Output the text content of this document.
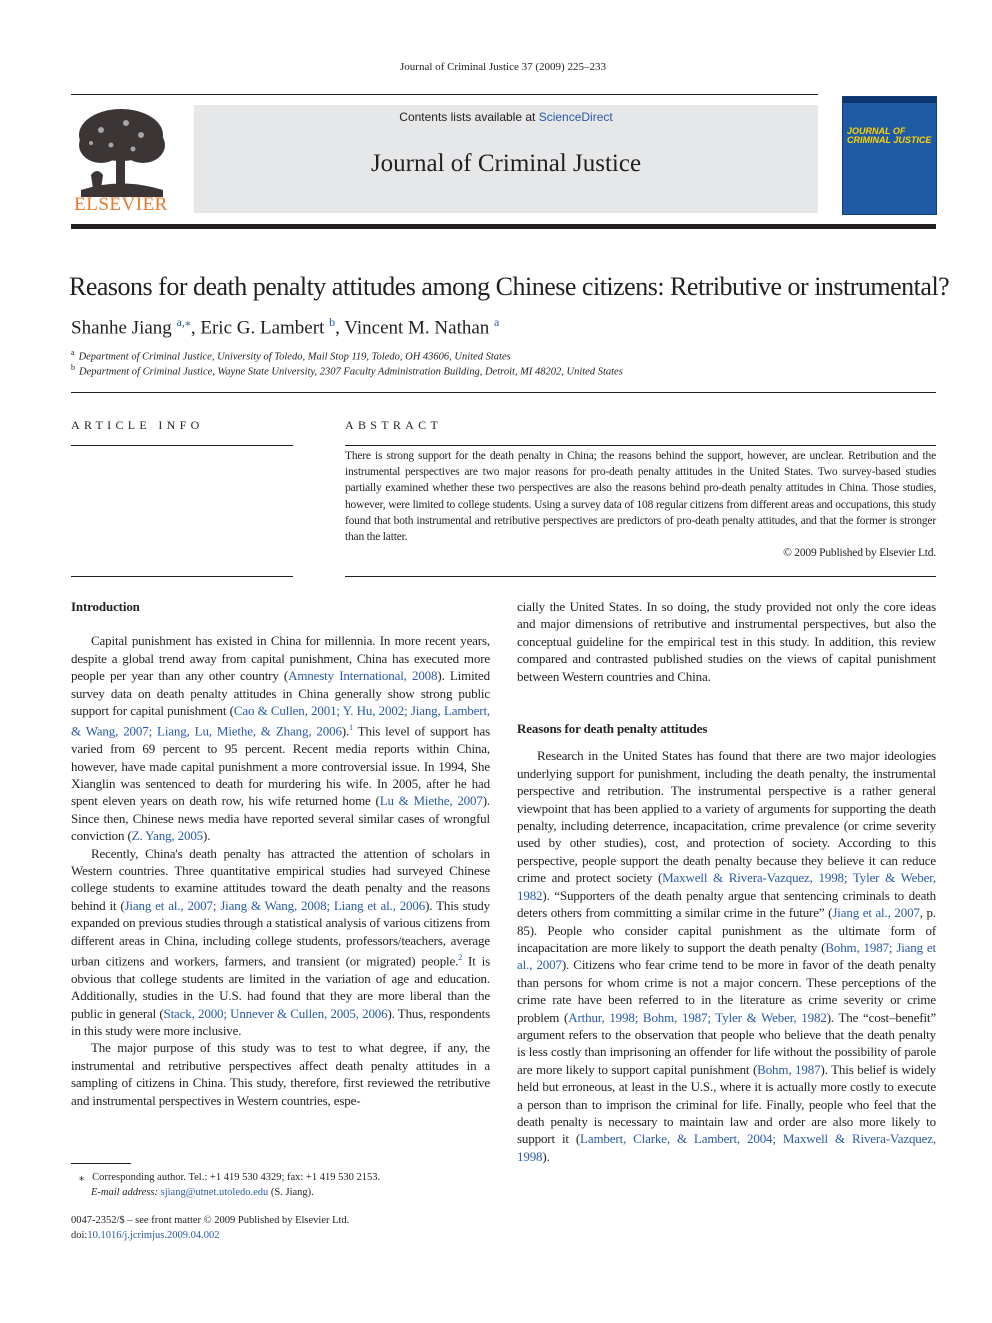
Journal of Criminal Justice 37 (2009) 225–233
ELSEVIER
Contents lists available at ScienceDirect
Journal of Criminal Justice
JOURNAL OF CRIMINAL JUSTICE
Reasons for death penalty attitudes among Chinese citizens: Retributive or instrumental?
Shanhe Jiang $^{a,⁎}$, Eric G. Lambert $^b$, Vincent M. Nathan $^a$
$^a$ Department of Criminal Justice, University of Toledo, Mail Stop 119, Toledo, OH 43606, United States
$^b$ Department of Criminal Justice, Wayne State University, 2307 Faculty Administration Building, Detroit, MI 48202, United States
ARTICLE INFO	ABSTRACT
There is strong support for the death penalty in China; the reasons behind the support, however, are unclear. Retribution and the instrumental perspectives are two major reasons for pro-death penalty attitudes in the United States. Two survey-based studies partially examined whether these two perspectives are also the reasons behind pro-death penalty attitudes in China. Those studies, however, were limited to college students. Using a survey data of 108 regular citizens from different areas and occupations, this study found that both instrumental and retributive perspectives are predictors of pro-death penalty attitudes, and that the former is stronger than the latter.
© 2009 Published by Elsevier Ltd.
Introduction

Capital punishment has existed in China for millennia. In more recent years, despite a global trend away from capital punishment, China has executed more people per year than any other country (Amnesty International, 2008). Limited survey data on death penalty attitudes in China generally show strong public support for capital punishment (Cao & Cullen, 2001; Y. Hu, 2002; Jiang, Lambert, & Wang, 2007; Liang, Lu, Miethe, & Zhang, 2006).$^1$ This level of support has varied from 69 percent to 95 percent. Recent media reports within China, however, have made capital punishment a more controversial issue. In 1994, She Xianglin was sentenced to death for murdering his wife. In 2005, after he had spent eleven years on death row, his wife returned home (Lu & Miethe, 2007). Since then, Chinese news media have reported several similar cases of wrongful conviction (Z. Yang, 2005).

Recently, China's death penalty has attracted the attention of scholars in Western countries. Three quantitative empirical studies had surveyed Chinese college students to examine attitudes toward the death penalty and the reasons behind it (Jiang et al., 2007; Jiang & Wang, 2008; Liang et al., 2006). This study expanded on previous studies through a statistical analysis of various citizens from different areas in China, including college students, professors/teachers, average urban citizens and workers, farmers, and transient (or migrated) people.$^2$ It is obvious that college students are limited in the variation of age and education. Additionally, studies in the U.S. had found that they are more liberal than the public in general (Stack, 2000; Unnever & Cullen, 2005, 2006). Thus, respondents in this study were more inclusive.

The major purpose of this study was to test to what degree, if any, the instrumental and retributive perspectives affect death penalty attitudes in a sampling of citizens in China. This study, therefore, first reviewed the retributive and instrumental perspectives in Western countries, espe-

cially the United States. In so doing, the study provided not only the core ideas and major dimensions of retributive and instrumental perspectives, but also the conceptual guideline for the empirical test in this study. In addition, this review compared and contrasted published studies on the views of capital punishment between Western countries and China.

Reasons for death penalty attitudes

Research in the United States has found that there are two major ideologies underlying support for punishment, including the death penalty, the instrumental perspective and retribution. The instrumental perspective is a rather general viewpoint that has been applied to a variety of arguments for supporting the death penalty, including deterrence, incapacitation, crime prevalence (or crime severity used by other studies), cost, and protection of society. According to this perspective, people support the death penalty because they believe it can reduce crime and protect society (Maxwell & Rivera-Vazquez, 1998; Tyler & Weber, 1982). “Supporters of the death penalty argue that sentencing criminals to death deters others from committing a similar crime in the future” (Jiang et al., 2007, p. 85). People who consider capital punishment as the ultimate form of incapacitation are more likely to support the death penalty (Bohm, 1987; Jiang et al., 2007). Citizens who fear crime tend to be more in favor of the death penalty than persons for whom crime is not a major concern. These perceptions of the crime rate have been referred to in the literature as crime severity or crime problem (Arthur, 1998; Bohm, 1987; Tyler & Weber, 1982). The “cost–benefit” argument refers to the observation that people who believe that the death penalty is less costly than imprisoning an offender for life without the possibility of parole are more likely to support capital punishment (Bohm, 1987). This belief is widely held but erroneous, at least in the U.S., where it is actually more costly to execute a person than to imprison the criminal for life. Finally, people who feel that the death penalty is necessary to maintain law and order are also more likely to support it (Lambert, Clarke, & Lambert, 2004; Maxwell & Rivera-Vazquez, 1998).

⁎ Corresponding author. Tel.: +1 419 530 4329; fax: +1 419 530 2153.
E-mail address: sjiang@utnet.utoledo.edu (S. Jiang).
0047-2352/$ – see front matter © 2009 Published by Elsevier Ltd.
doi:10.1016/j.jcrimjus.2009.04.002
